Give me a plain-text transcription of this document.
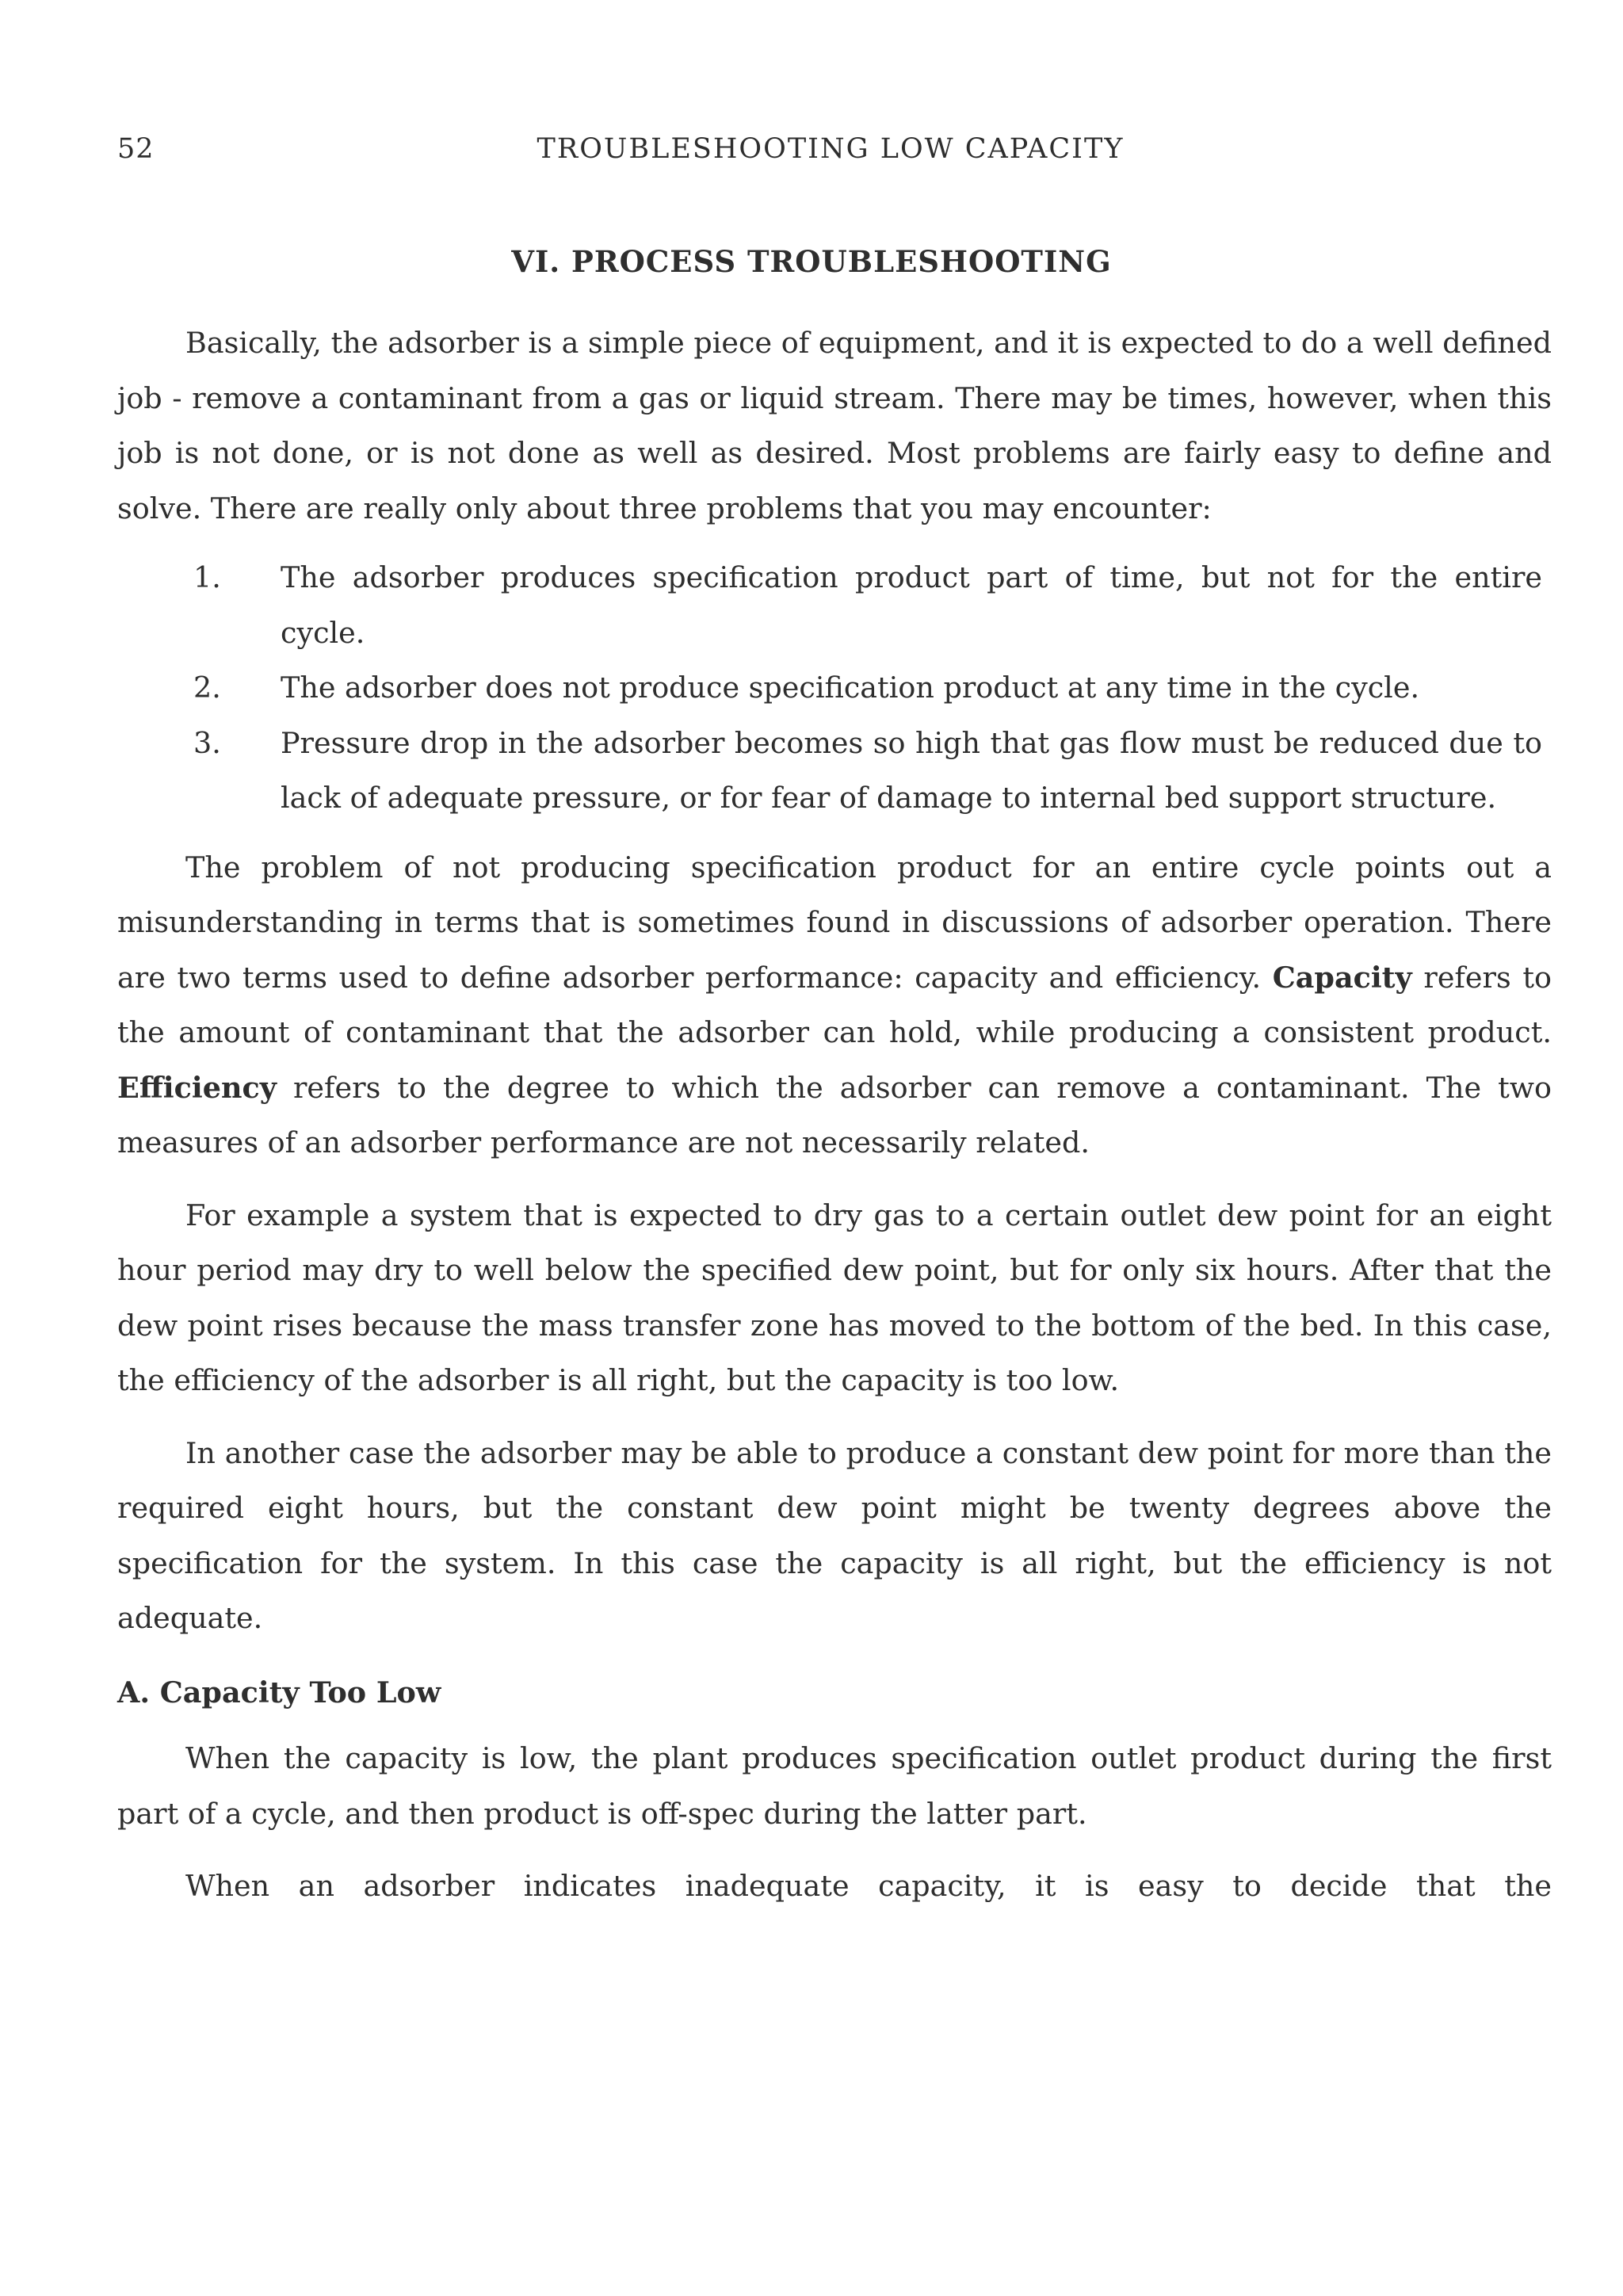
52	TROUBLESHOOTING LOW CAPACITY
VI. PROCESS TROUBLESHOOTING

Basically, the adsorber is a simple piece of equipment, and it is expected to do a well defined job - remove a contaminant from a gas or liquid stream. There may be times, however, when this job is not done, or is not done as well as desired. Most problems are fairly easy to define and solve. There are really only about three problems that you may encounter:

1. The adsorber produces specification product part of time, but not for the entire cycle.
2. The adsorber does not produce specification product at any time in the cycle.
3. Pressure drop in the adsorber becomes so high that gas flow must be reduced due to lack of adequate pressure, or for fear of damage to internal bed support structure.

The problem of not producing specification product for an entire cycle points out a misunderstanding in terms that is sometimes found in discussions of adsorber operation. There are two terms used to define adsorber performance: capacity and efficiency. Capacity refers to the amount of contaminant that the adsorber can hold, while producing a consistent product. Efficiency refers to the degree to which the adsorber can remove a contaminant. The two measures of an adsorber performance are not necessarily related.

For example a system that is expected to dry gas to a certain outlet dew point for an eight hour period may dry to well below the specified dew point, but for only six hours. After that the dew point rises because the mass transfer zone has moved to the bottom of the bed. In this case, the efficiency of the adsorber is all right, but the capacity is too low.

In another case the adsorber may be able to produce a constant dew point for more than the required eight hours, but the constant dew point might be twenty degrees above the specification for the system. In this case the capacity is all right, but the efficiency is not adequate.

A. Capacity Too Low

When the capacity is low, the plant produces specification outlet product during the first part of a cycle, and then product is off-spec during the latter part.

When an adsorber indicates inadequate capacity, it is easy to decide that the
